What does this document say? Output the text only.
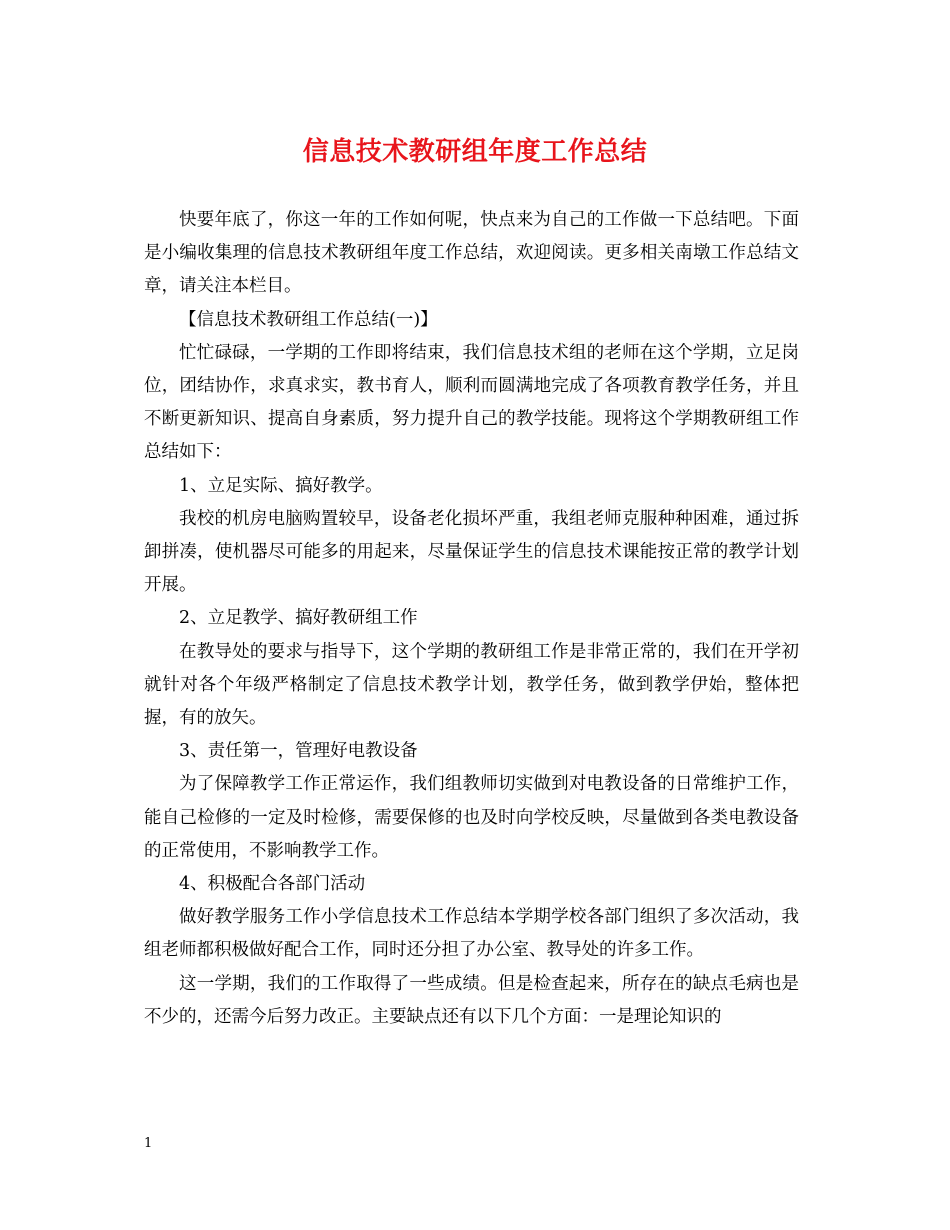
信息技术教研组年度工作总结

快要年底了，你这一年的工作如何呢，快点来为自己的工作做一下总结吧。下面是小编收集理的信息技术教研组年度工作总结，欢迎阅读。更多相关南墩工作总结文章，请关注本栏目。

【信息技术教研组工作总结(一)】

忙忙碌碌，一学期的工作即将结束，我们信息技术组的老师在这个学期，立足岗位，团结协作，求真求实，教书育人，顺利而圆满地完成了各项教育教学任务，并且不断更新知识、提高自身素质，努力提升自己的教学技能。现将这个学期教研组工作总结如下：

1、立足实际、搞好教学。

我校的机房电脑购置较早，设备老化损坏严重，我组老师克服种种困难，通过拆卸拼凑，使机器尽可能多的用起来，尽量保证学生的信息技术课能按正常的教学计划开展。

2、立足教学、搞好教研组工作

在教导处的要求与指导下，这个学期的教研组工作是非常正常的，我们在开学初就针对各个年级严格制定了信息技术教学计划，教学任务，做到教学伊始，整体把握，有的放矢。

3、责任第一，管理好电教设备

为了保障教学工作正常运作，我们组教师切实做到对电教设备的日常维护工作，能自己检修的一定及时检修，需要保修的也及时向学校反映，尽量做到各类电教设备的正常使用，不影响教学工作。

4、积极配合各部门活动

做好教学服务工作小学信息技术工作总结本学期学校各部门组织了多次活动，我组老师都积极做好配合工作，同时还分担了办公室、教导处的许多工作。

这一学期，我们的工作取得了一些成绩。但是检查起来，所存在的缺点毛病也是不少的，还需今后努力改正。主要缺点还有以下几个方面：一是理论知识的

1
